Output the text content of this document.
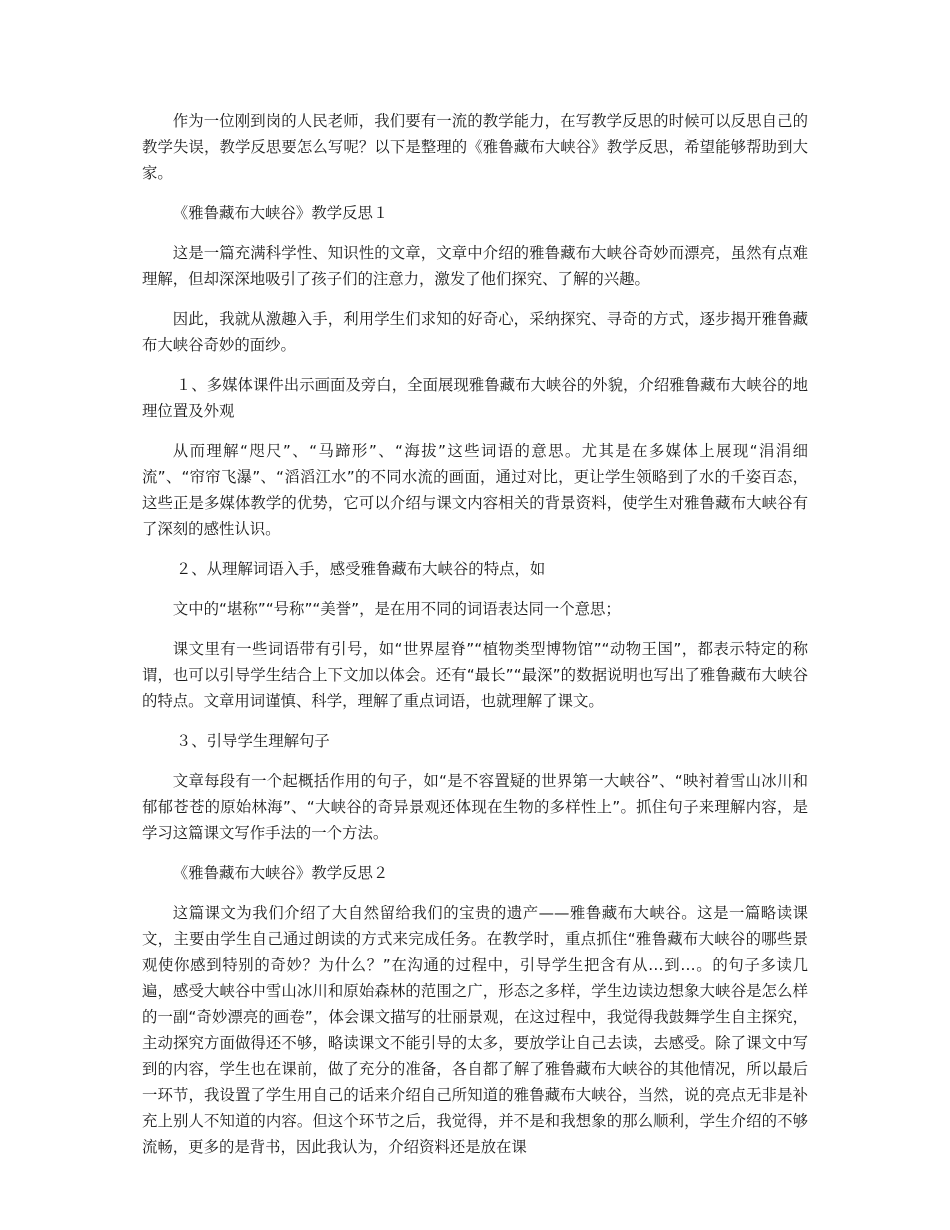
作为一位刚到岗的人民老师，我们要有一流的教学能力，在写教学反思的时候可以反思自己的教学失误，教学反思要怎么写呢？以下是整理的《雅鲁藏布大峡谷》教学反思，希望能够帮助到大家。

《雅鲁藏布大峡谷》教学反思１

这是一篇充满科学性、知识性的文章，文章中介绍的雅鲁藏布大峡谷奇妙而漂亮，虽然有点难理解，但却深深地吸引了孩子们的注意力，激发了他们探究、了解的兴趣。

因此，我就从激趣入手，利用学生们求知的好奇心，采纳探究、寻奇的方式，逐步揭开雅鲁藏布大峡谷奇妙的面纱。

１、多媒体课件出示画面及旁白，全面展现雅鲁藏布大峡谷的外貌，介绍雅鲁藏布大峡谷的地理位置及外观

从而理解“咫尺”、“马蹄形”、“海拔”这些词语的意思。尤其是在多媒体上展现“涓涓细流”、“帘帘飞瀑”、“滔滔江水”的不同水流的画面，通过对比，更让学生领略到了水的千姿百态，这些正是多媒体教学的优势，它可以介绍与课文内容相关的背景资料，使学生对雅鲁藏布大峡谷有了深刻的感性认识。

２、从理解词语入手，感受雅鲁藏布大峡谷的特点，如

文中的“堪称”“号称”“美誉”，是在用不同的词语表达同一个意思；

课文里有一些词语带有引号，如“世界屋脊”“植物类型博物馆”“动物王国”，都表示特定的称谓，也可以引导学生结合上下文加以体会。还有“最长”“最深”的数据说明也写出了雅鲁藏布大峡谷的特点。文章用词谨慎、科学，理解了重点词语，也就理解了课文。

３、引导学生理解句子

文章每段有一个起概括作用的句子，如“是不容置疑的世界第一大峡谷”、“映衬着雪山冰川和郁郁苍苍的原始林海”、“大峡谷的奇异景观还体现在生物的多样性上”。抓住句子来理解内容，是学习这篇课文写作手法的一个方法。

《雅鲁藏布大峡谷》教学反思２

这篇课文为我们介绍了大自然留给我们的宝贵的遗产——雅鲁藏布大峡谷。这是一篇略读课文，主要由学生自己通过朗读的方式来完成任务。在教学时，重点抓住“雅鲁藏布大峡谷的哪些景观使你感到特别的奇妙？为什么？”在沟通的过程中，引导学生把含有从…到…。的句子多读几遍，感受大峡谷中雪山冰川和原始森林的范围之广，形态之多样，学生边读边想象大峡谷是怎么样的一副“奇妙漂亮的画卷”，体会课文描写的壮丽景观，在这过程中，我觉得我鼓舞学生自主探究，主动探究方面做得还不够，略读课文不能引导的太多，要放学让自己去读，去感受。除了课文中写到的内容，学生也在课前，做了充分的准备，各自都了解了雅鲁藏布大峡谷的其他情况，所以最后一环节，我设置了学生用自己的话来介绍自己所知道的雅鲁藏布大峡谷，当然，说的亮点无非是补充上别人不知道的内容。但这个环节之后，我觉得，并不是和我想象的那么顺利，学生介绍的不够流畅，更多的是背书，因此我认为，介绍资料还是放在课
